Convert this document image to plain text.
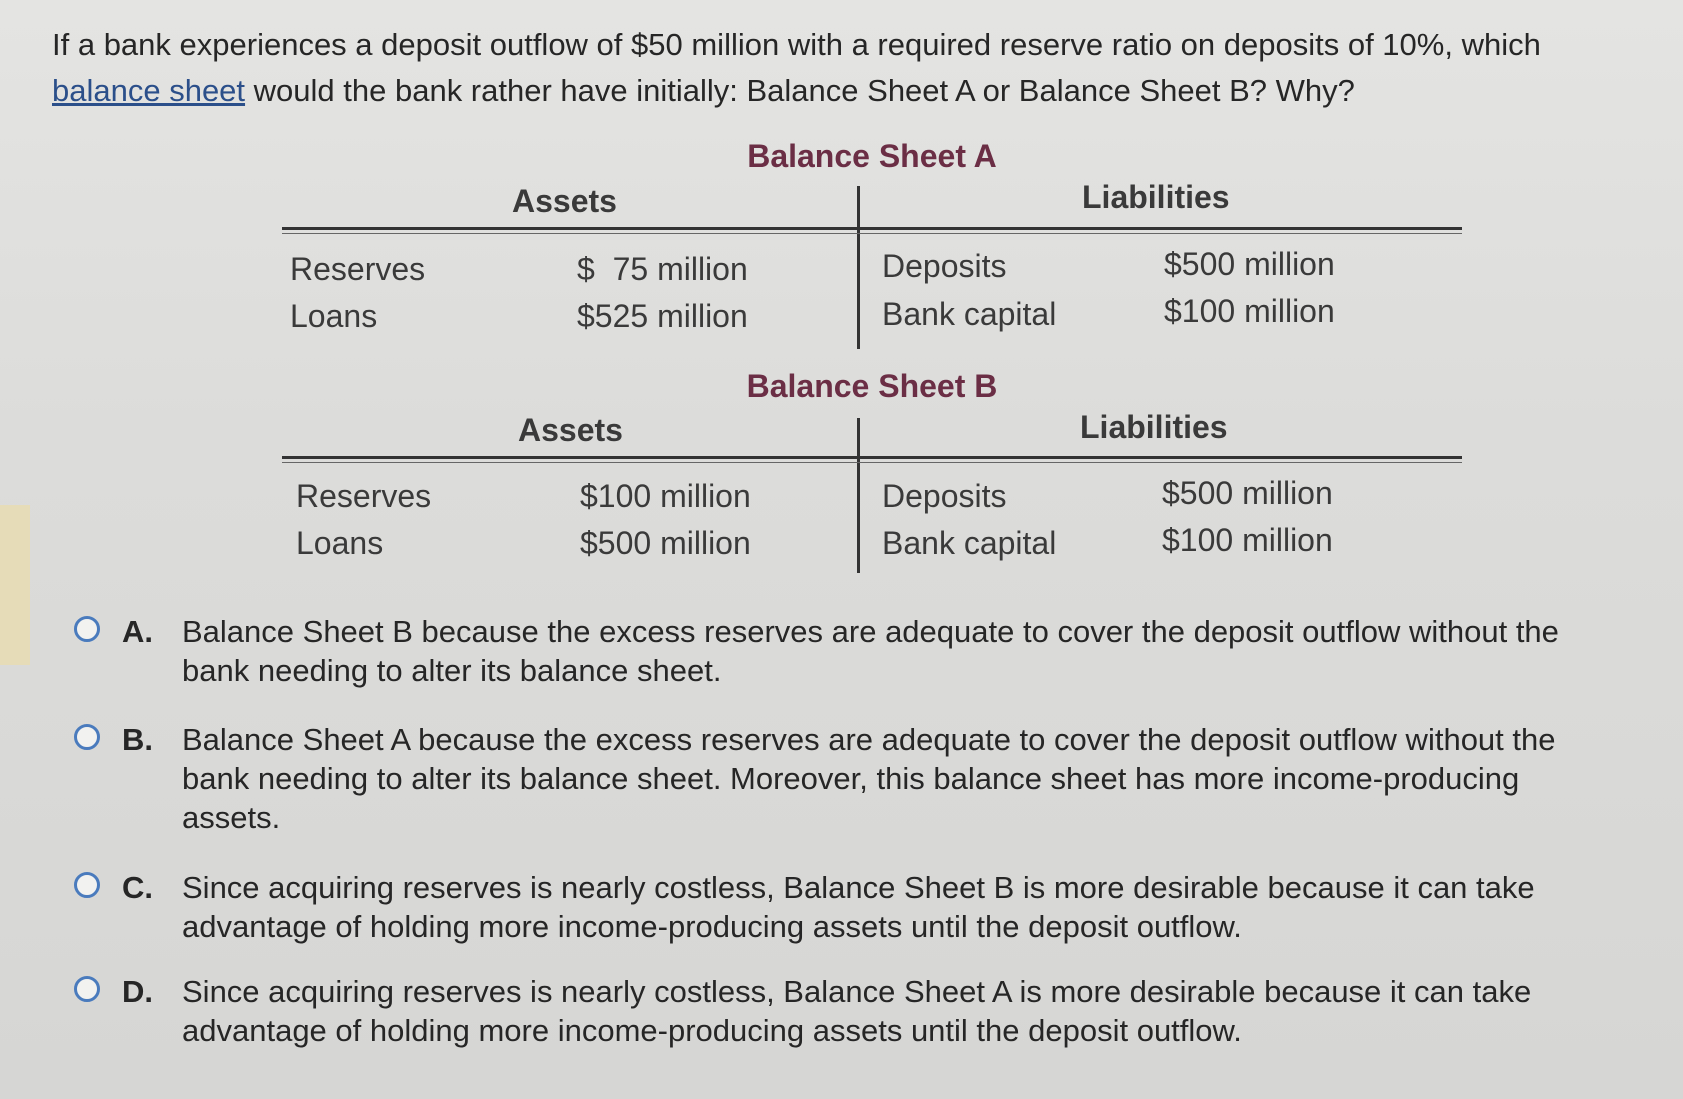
If a bank experiences a deposit outflow of $50 million with a required reserve ratio on deposits of 10%, which balance sheet would the bank rather have initially: Balance Sheet A or Balance Sheet B? Why?
Balance Sheet A
Assets	Liabilities
Reserves	$  75 million	Deposits	$500 million
Loans	$525 million	Bank capital	$100 million
Balance Sheet B
Assets	Liabilities
Reserves	$100 million	Deposits	$500 million
Loans	$500 million	Bank capital	$100 million
A. Balance Sheet B because the excess reserves are adequate to cover the deposit outflow without the bank needing to alter its balance sheet.
B. Balance Sheet A because the excess reserves are adequate to cover the deposit outflow without the bank needing to alter its balance sheet. Moreover, this balance sheet has more income-producing assets.
C. Since acquiring reserves is nearly costless, Balance Sheet B is more desirable because it can take advantage of holding more income-producing assets until the deposit outflow.
D. Since acquiring reserves is nearly costless, Balance Sheet A is more desirable because it can take advantage of holding more income-producing assets until the deposit outflow.
